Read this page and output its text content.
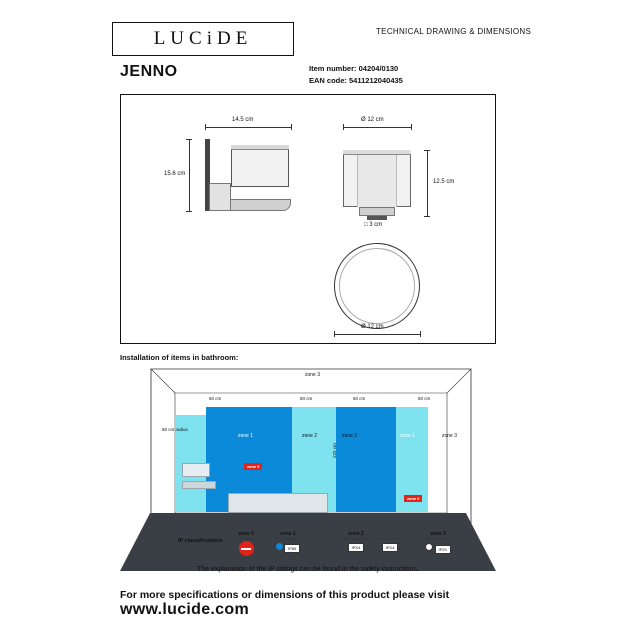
LUCiDE	TECHNICAL DRAWING & DIMENSIONS
JENNO	Item number: 04204/0130
EAN code: 5411212040435
14.5 cm
15.6 cm
Ø 12 cm
12.5 cm
□ 3 cm
Ø 12 cm
Installation of items in bathroom:
zone 3
zone 1	zone 2	zone 2	zone 1	zone 3
60 cm	60 cm	60 cm	60 cm
60 cm radius
225 cm
zone 0
zone 0
IP classifications
zone 0
IP X7 minimum
zone 1
IP X4 minimum
IP65
zone 2
IP X4 minimum
IPX4
IP X4 minimum
IPX4
zone 3
IP 20 minimum
IP20
The explanation of the IP ratings can be found in the safety instructions.
For more specifications or dimensions of this product please visit
www.lucide.com
